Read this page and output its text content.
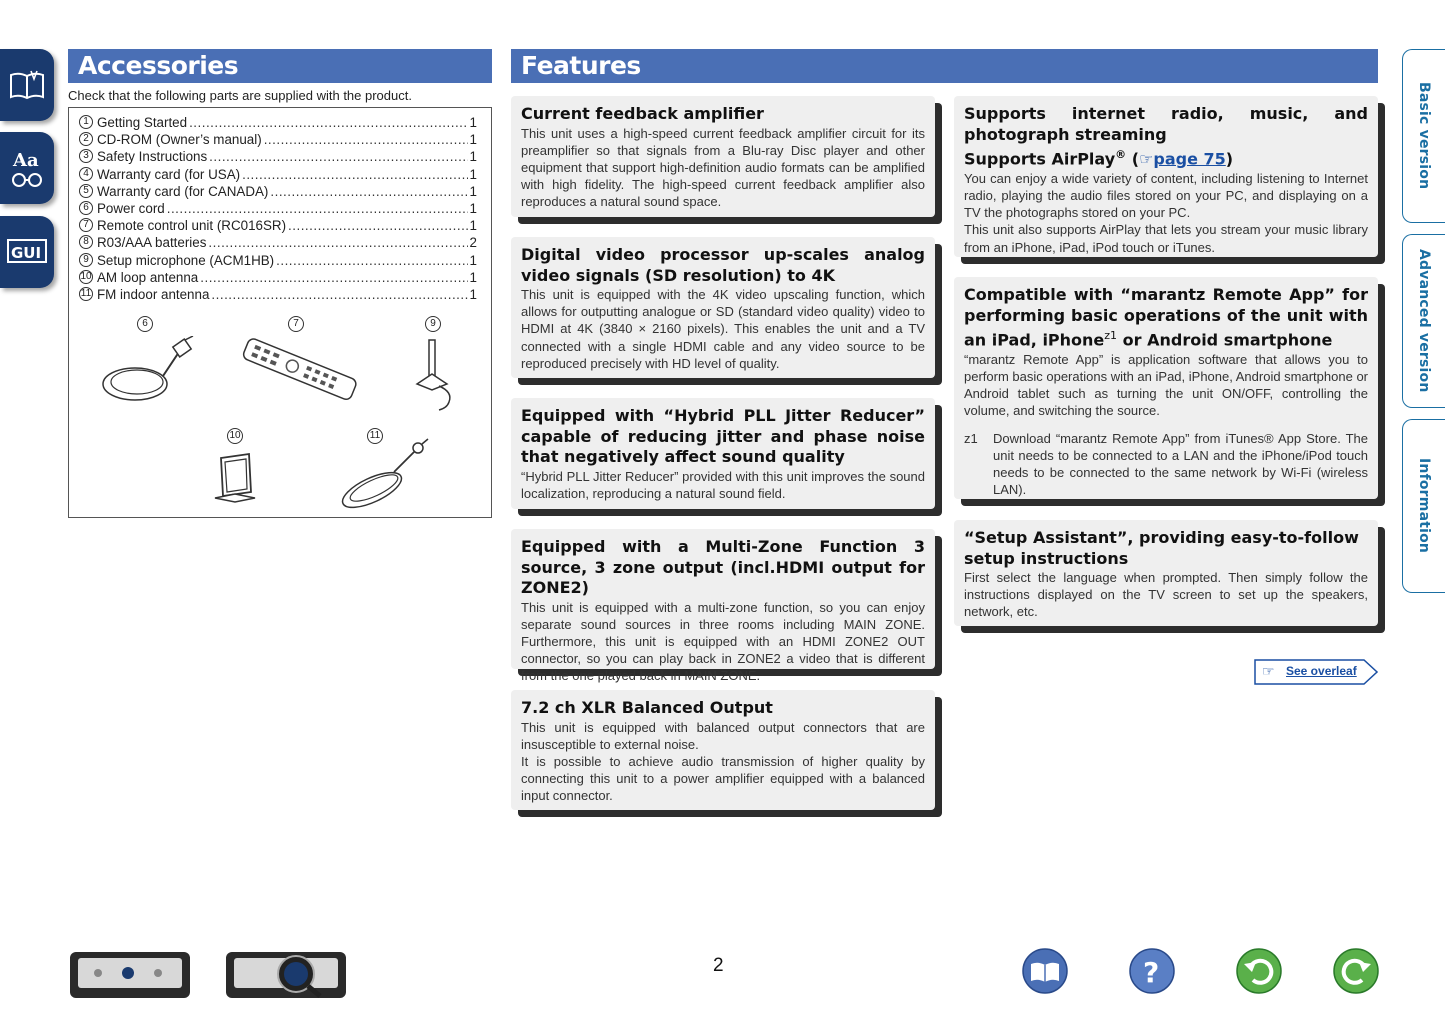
Aa
GUI
Basic version
Advanced version
Information
Accessories
Check that the following parts are supplied with the product.
1 Getting Started .....	1
2 CD-ROM (Owner’s manual) .....	1
3 Safety Instructions .....	1
4 Warranty card (for USA) .....	1
5 Warranty card (for CANADA) .....	1
6 Power cord .....	1
7 Remote control unit (RC016SR) .....	1
8 R03/AAA batteries .....	2
9 Setup microphone (ACM1HB) .....	1
10 AM loop antenna .....	1
11 FM indoor antenna .....	1
6	7	9
10	11
Features
Current feedback amplifier

This unit uses a high-speed current feedback amplifier circuit for its preamplifier so that signals from a Blu-ray Disc player and other equipment that support high-definition audio formats can be amplified with high fidelity. The high-speed current feedback amplifier also reproduces a natural sound space.

Digital video processor up-scales analog video signals (SD resolution) to 4K

This unit is equipped with the 4K video upscaling function, which allows for outputting analogue or SD (standard video quality) video to HDMI at 4K (3840 × 2160 pixels). This enables the unit and a TV connected with a single HDMI cable and any video source to be reproduced precisely with HD level of quality.

Equipped with “Hybrid PLL Jitter Reducer” capable of reducing jitter and phase noise that negatively affect sound quality

“Hybrid PLL Jitter Reducer” provided with this unit improves the sound localization, reproducing a natural sound field.

Equipped with a Multi-Zone Function 3 source, 3 zone output (incl.HDMI output for ZONE2)

This unit is equipped with a multi-zone function, so you can enjoy separate sound sources in three rooms including MAIN ZONE. Furthermore, this unit is equipped with an HDMI ZONE2 OUT connector, so you can play back in ZONE2 a video that is different from the one played back in MAIN ZONE.

7.2 ch XLR Balanced Output

This unit is equipped with balanced output connectors that are insusceptible to external noise.

It is possible to achieve audio transmission of higher quality by connecting this unit to a power amplifier equipped with a balanced input connector.

Supports internet radio, music, and photograph streaming
Supports AirPlay® (☞page 75)

You can enjoy a wide variety of content, including listening to Internet radio, playing the audio files stored on your PC, and displaying on a TV the photographs stored on your PC.

This unit also supports AirPlay that lets you stream your music library from an iPhone, iPad, iPod touch or iTunes.

Compatible with “marantz Remote App” for performing basic operations of the unit with an iPad, iPhone$^{z1}$ or Android smartphone

“marantz Remote App” is application software that allows you to perform basic operations with an iPad, iPhone, Android smartphone or Android tablet such as turning the unit ON/OFF, controlling the volume, and switching the source.

z1	Download “marantz Remote App” from iTunes® App Store. The unit needs to be connected to a LAN and the iPhone/iPod touch needs to be connected to the same network by Wi-Fi (wireless LAN).
“Setup Assistant”, providing easy-to-follow setup instructions

First select the language when prompted. Then simply follow the instructions displayed on the TV screen to set up the speakers, network, etc.

☞ See overleaf
2	?
